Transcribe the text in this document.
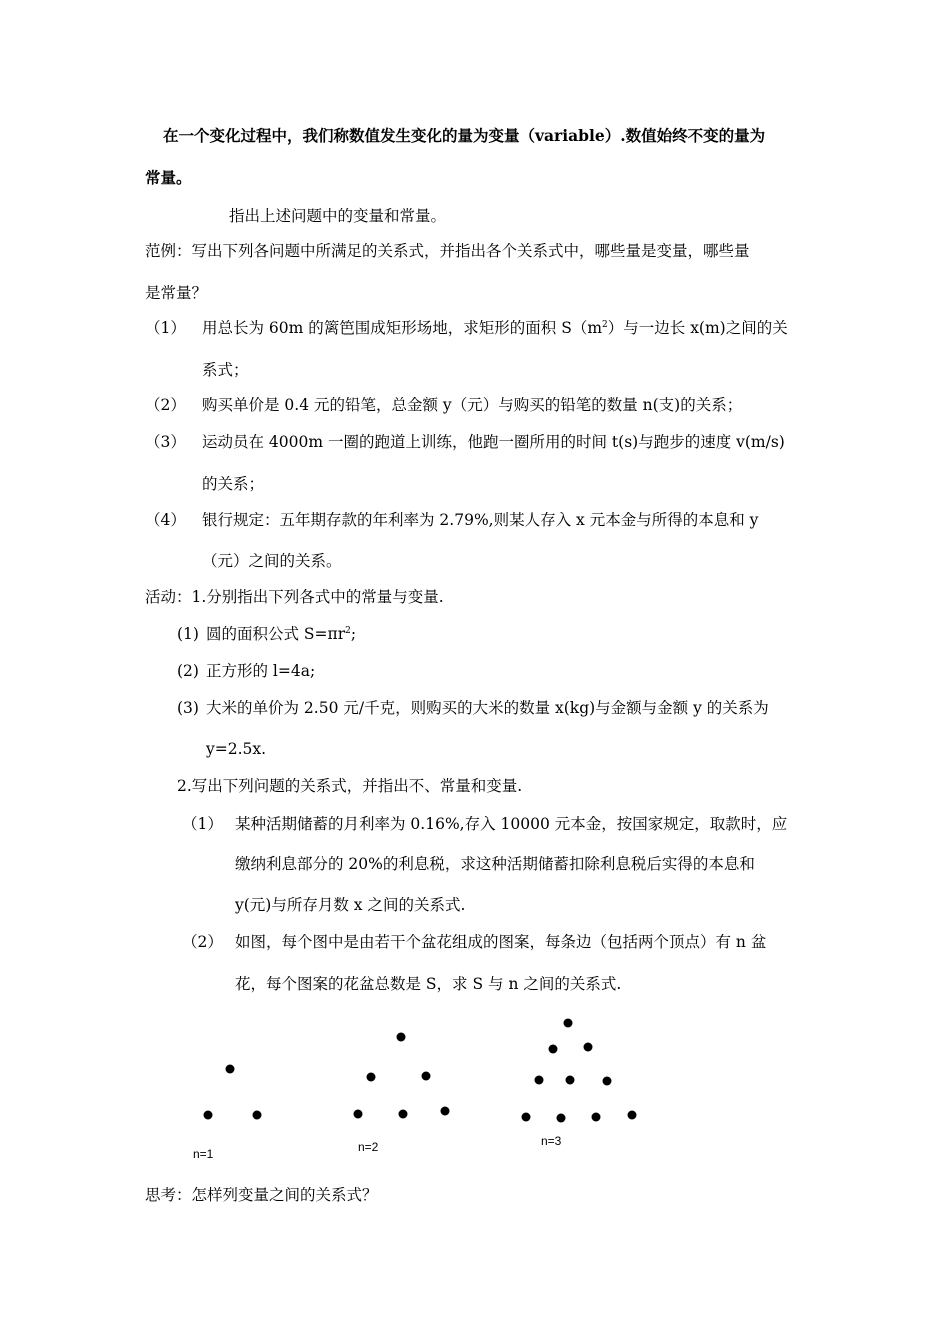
在一个变化过程中，我们称数值发生变化的量为变量（variable）.数值始终不变的量为
常量。
指出上述问题中的变量和常量。
范例：写出下列各问题中所满足的关系式，并指出各个关系式中，哪些量是变量，哪些量
是常量？
（1） 用总长为 60m 的篱笆围成矩形场地，求矩形的面积 $S(m^2)$与一边长 x(m)之间的关
系式；
（2） 购买单价是 0.4 元的铅笔，总金额 y（元）与购买的铅笔的数量 n(支)的关系；
（3） 运动员在 4000m 一圈的跑道上训练，他跑一圈所用的时间 t(s)与跑步的速度 v(m/s)
的关系；
（4） 银行规定：五年期存款的年利率为 2.79%,则某人存入 x 元本金与所得的本息和 y
（元）之间的关系。
活动：1.分别指出下列各式中的常量与变量.
(1) 圆的面积公式 $S=\pi r^2$;
(2) 正方形的 l=4a;
(3) 大米的单价为 2.50 元/千克，则购买的大米的数量 x(kg)与金额与金额 y 的关系为
y=2.5x.
2.写出下列问题的关系式，并指出不、常量和变量.
（1） 某种活期储蓄的月利率为 0.16%,存入 10000 元本金，按国家规定，取款时，应
缴纳利息部分的 20%的利息税，求这种活期储蓄扣除利息税后实得的本息和
y(元)与所存月数 x 之间的关系式.
（2） 如图，每个图中是由若干个盆花组成的图案，每条边（包括两个顶点）有 n 盆
花，每个图案的花盆总数是 S，求 S 与 n 之间的关系式.
n=1	n=2	n=3
思考：怎样列变量之间的关系式？
